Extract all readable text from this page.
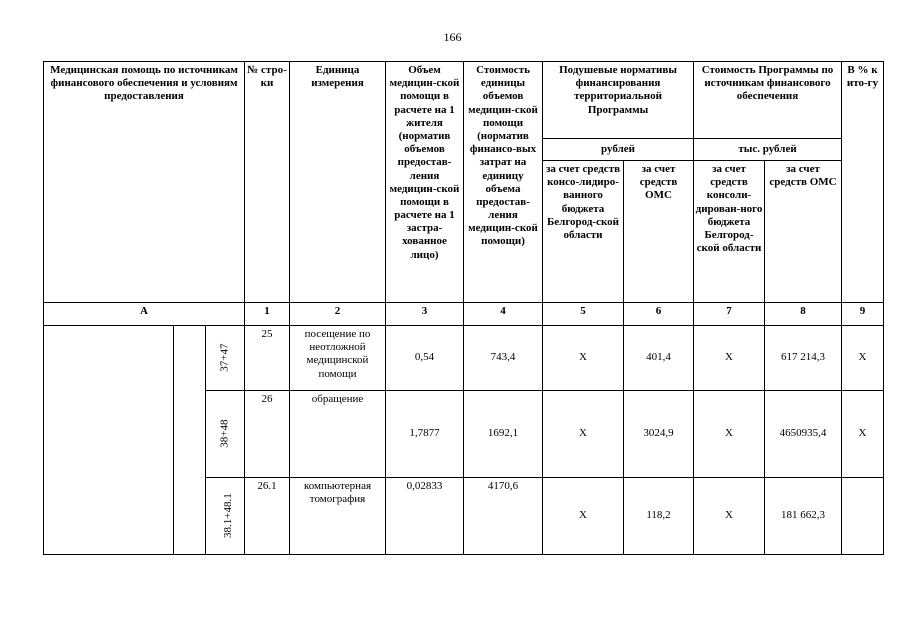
166
Медицинская помощь по источникам финансового обеспечения и условиям предоставления			№ стро-ки	Единица измерения	Объем медицин-ской помощи в расчете на 1 жителя (норматив объемов предостав-ления медицин-ской помощи в расчете на 1 застра-хованное лицо)	Стоимость единицы объемов медицин-ской помощи (норматив финансо-вых затрат на единицу объема предостав-ления медицин-ской помощи)	Подушевые нормативы финансирования территориальной Программы		Стоимость Программы по источникам финансового обеспечения		В % к ито-гу
							рублей		тыс. рублей		
							за счет средств консо-лидиро-ванного бюджета Белгород-ской области	за счет средств ОМС	за счет средств консоли-дирован-ного бюджета Белгород-ской области	за счет средств ОМС	
А			1	2	3	4	5	6	7	8	9
		37+47	25	посещение по неотложной медицинской помощи	0,54	743,4	Х	401,4	Х	617 214,3	Х
		38+48	26	обращение	1,7877	1692,1	Х	3024,9	Х	4650935,4	Х
		38.1+48.1	26.1	компьютерная томография	0,02833	4170,6	Х	118,2	Х	181 662,3	
